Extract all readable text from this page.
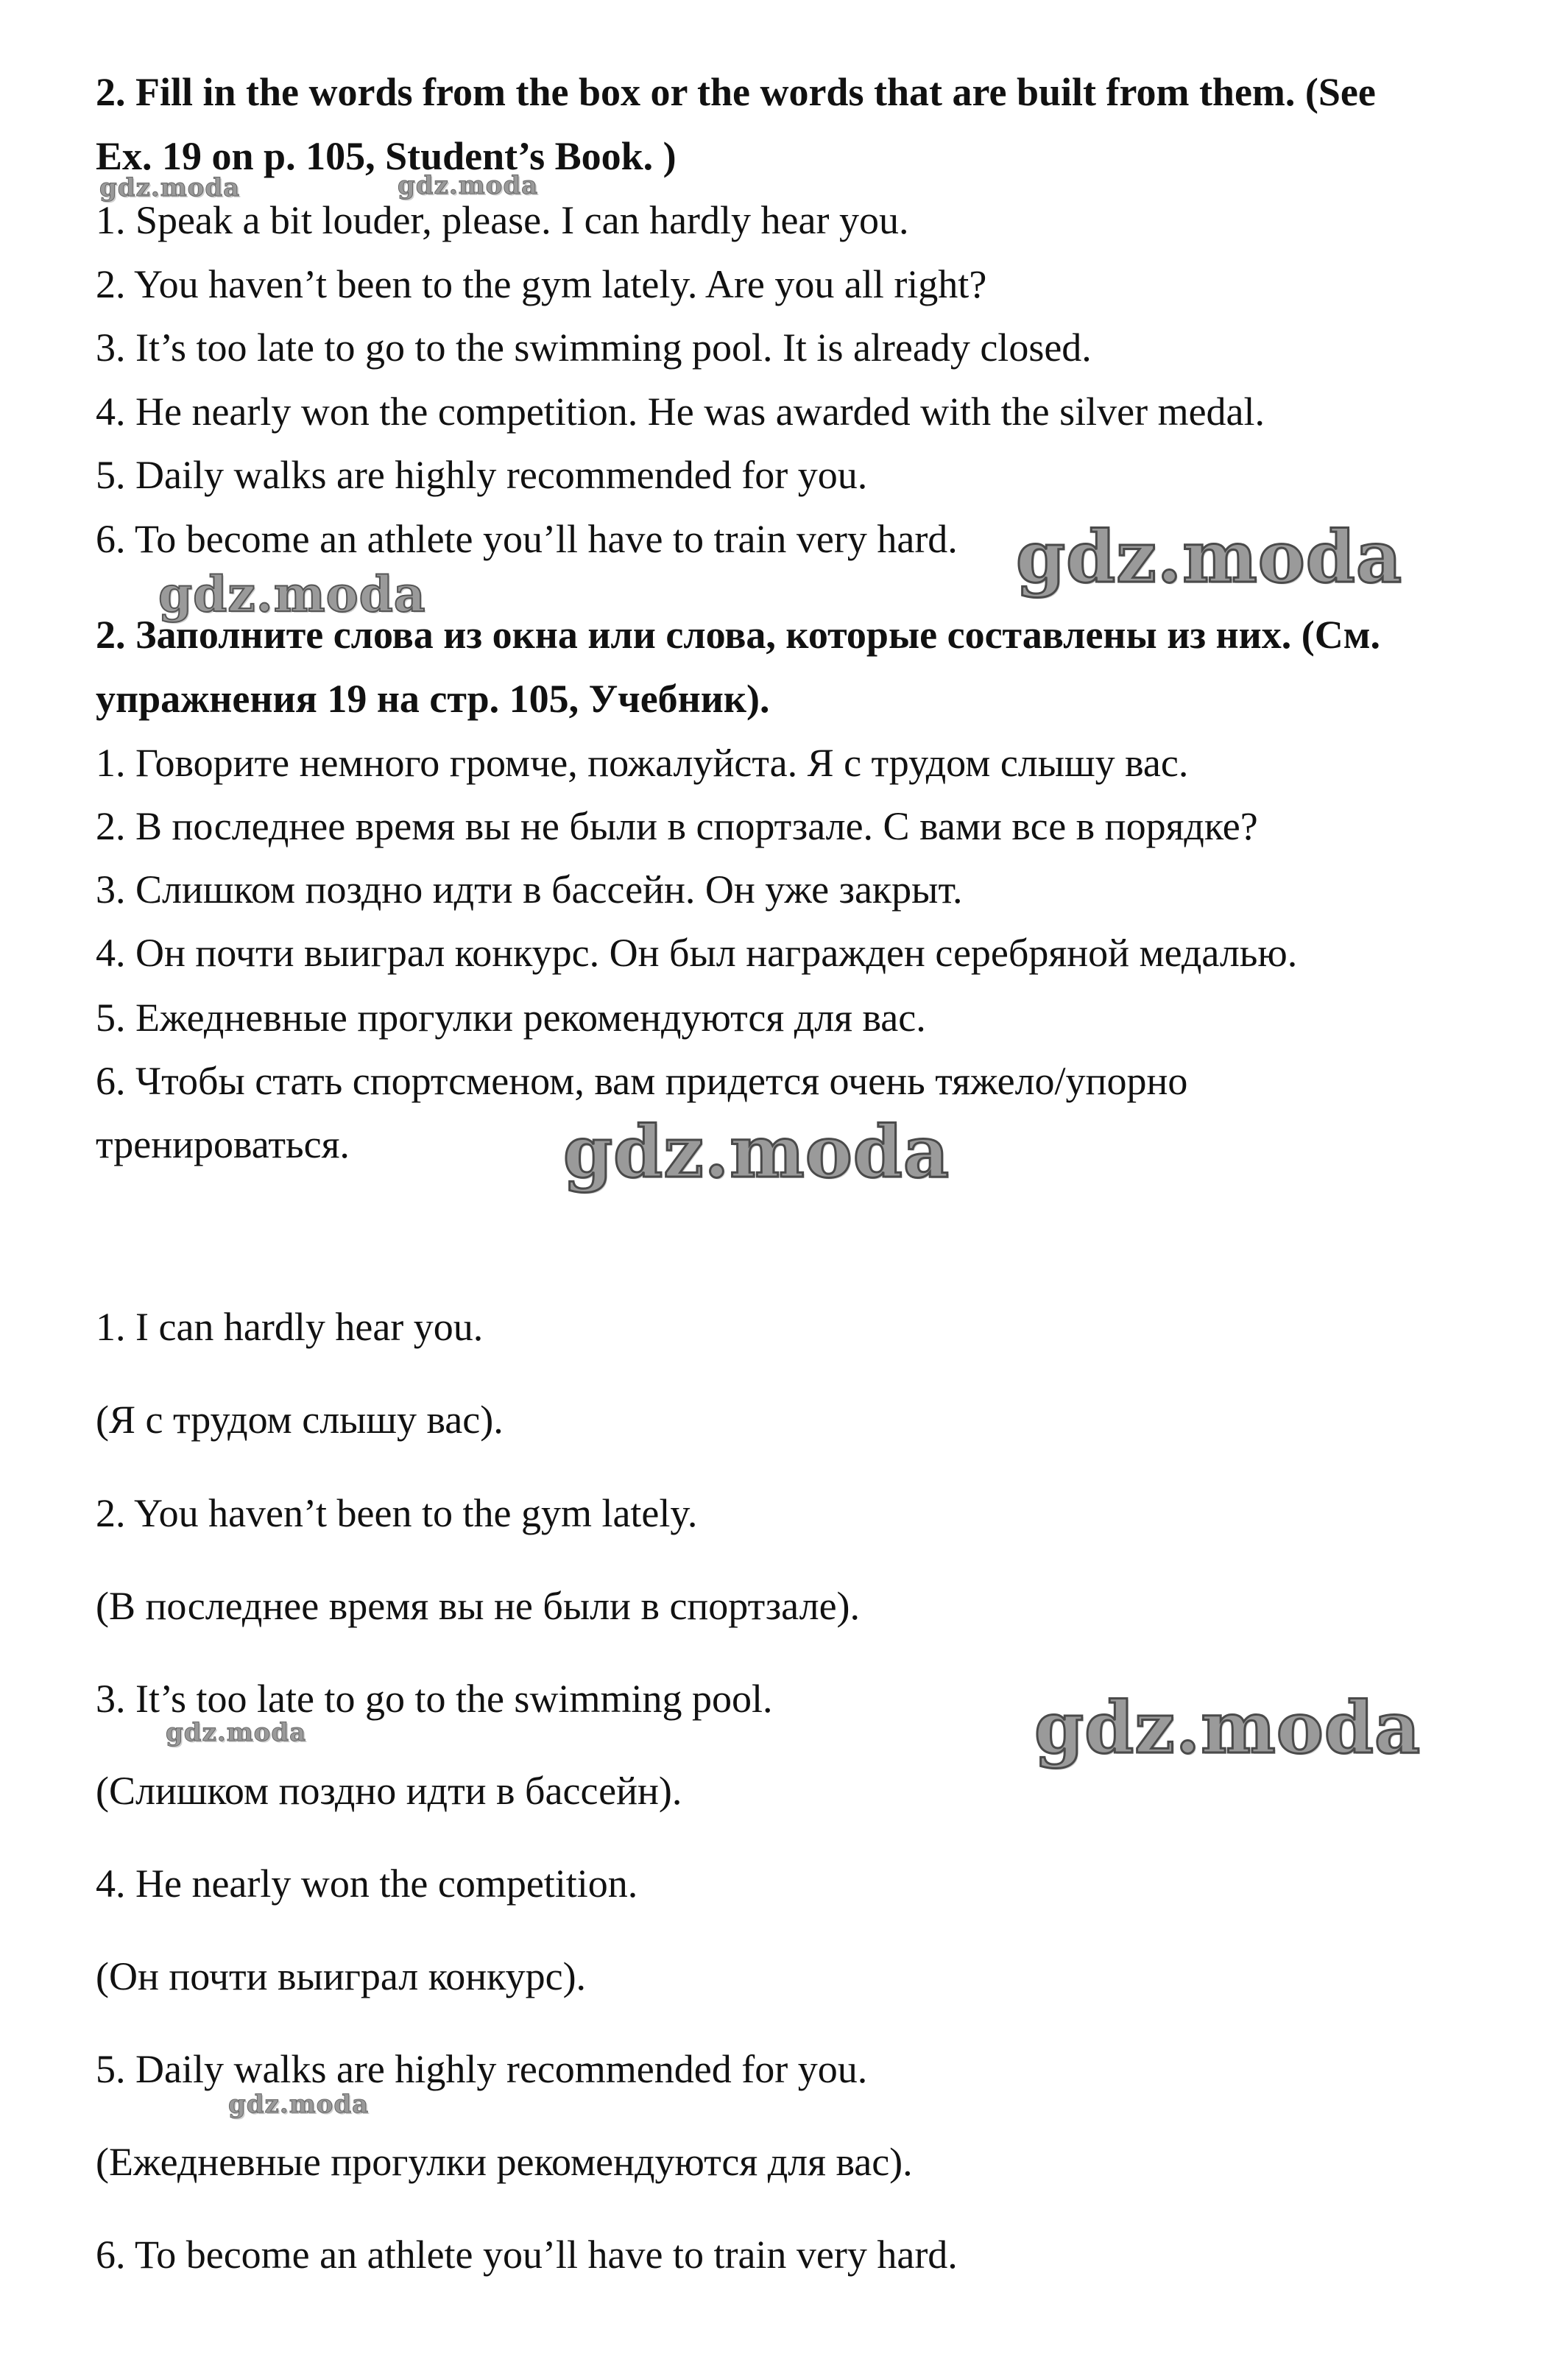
2. Fill in the words from the box or the words that are built from them. (See
Ex. 19 on p. 105, Student’s Book. )
1. Speak a bit louder, please. I can hardly hear you.
2. You haven’t been to the gym lately. Are you all right?
3. It’s too late to go to the swimming pool. It is already closed.
4. He nearly won the competition. He was awarded with the silver medal.
5. Daily walks are highly recommended for you.
6. To become an athlete you’ll have to train very hard.
2. Заполните слова из окна или слова, которые составлены из них. (См.
упражнения 19 на стр. 105, Учебник).
1. Говорите немного громче, пожалуйста. Я с трудом слышу вас.
2. В последнее время вы не были в спортзале. С вами все в порядке?
3. Слишком поздно идти в бассейн. Он уже закрыт.
4. Он почти выиграл конкурс. Он был награжден серебряной медалью.
5. Ежедневные прогулки рекомендуются для вас.
6. Чтобы стать спортсменом, вам придется очень тяжело/упорно
тренироваться.
1. I can hardly hear you.
(Я с трудом слышу вас).
2. You haven’t been to the gym lately.
(В последнее время вы не были в спортзале).
3. It’s too late to go to the swimming pool.
(Слишком поздно идти в бассейн).
4. He nearly won the competition.
(Он почти выиграл конкурс).
5. Daily walks are highly recommended for you.
(Ежедневные прогулки рекомендуются для вас).
6. To become an athlete you’ll have to train very hard.
gdz.moda	gdz.moda
gdz.moda
gdz.moda
gdz.moda
gdz.moda	gdz.moda
gdz.moda
